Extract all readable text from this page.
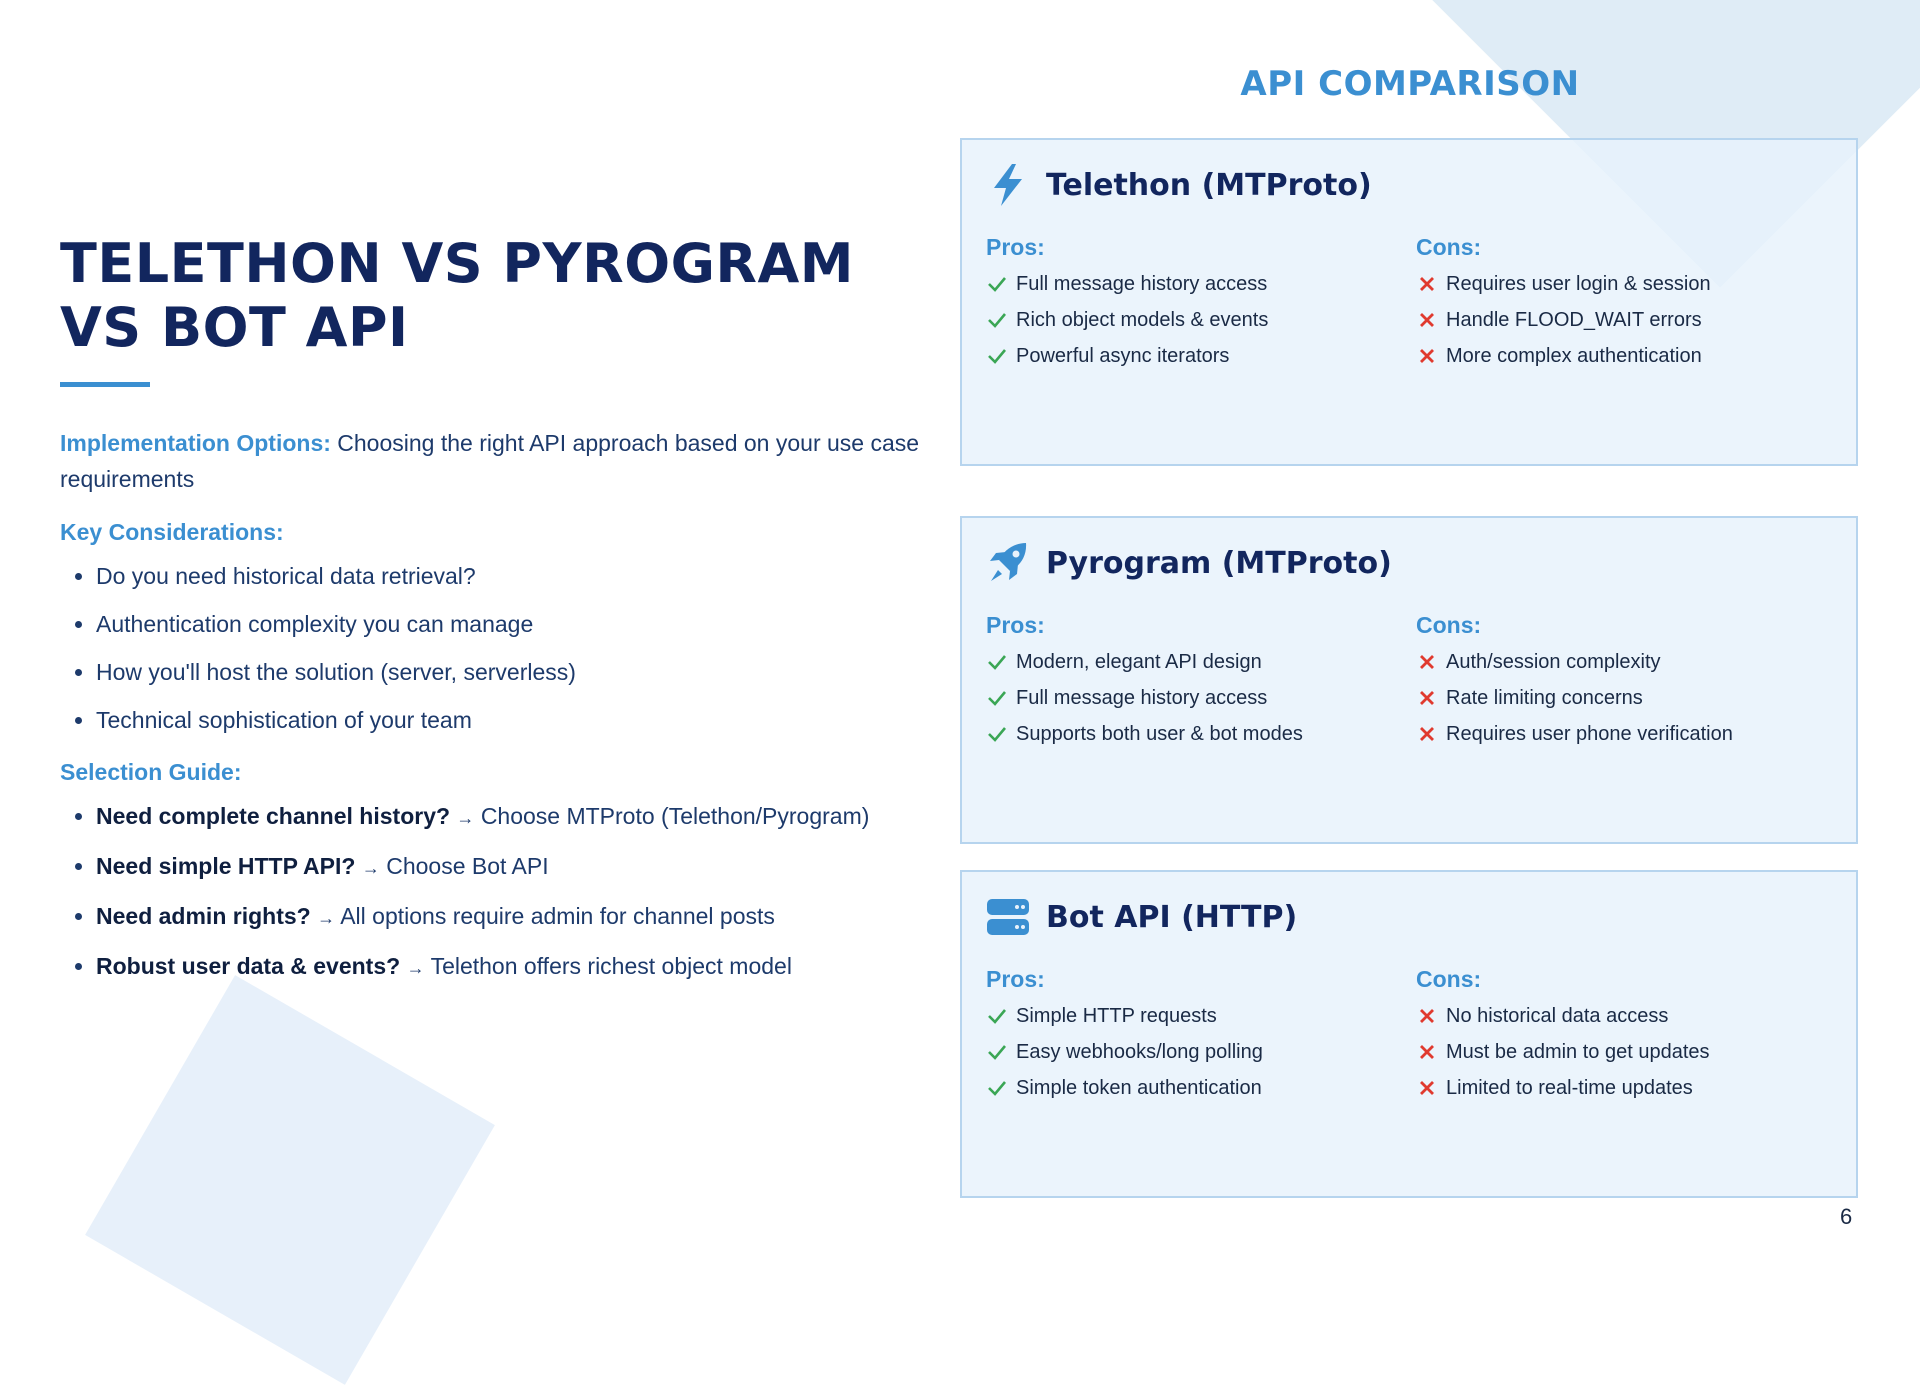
TELETHON VS PYROGRAM VS BOT API
Implementation Options: Choosing the right API approach based on your use case requirements
Key Considerations:
• Do you need historical data retrieval?
• Authentication complexity you can manage
• How you'll host the solution (server, serverless)
• Technical sophistication of your team
Selection Guide:
• Need complete channel history? → Choose MTProto (Telethon/Pyrogram)
• Need simple HTTP API? → Choose Bot API
• Need admin rights? → All options require admin for channel posts
• Robust user data & events? → Telethon offers richest object model
API COMPARISON
Telethon (MTProto)
Pros:
Full message history access
Rich object models & events
Powerful async iterators
Cons:
Requires user login & session
Handle FLOOD_WAIT errors
More complex authentication
Pyrogram (MTProto)
Pros:
Modern, elegant API design
Full message history access
Supports both user & bot modes
Cons:
Auth/session complexity
Rate limiting concerns
Requires user phone verification
Bot API (HTTP)
Pros:
Simple HTTP requests
Easy webhooks/long polling
Simple token authentication
Cons:
No historical data access
Must be admin to get updates
Limited to real-time updates
6
